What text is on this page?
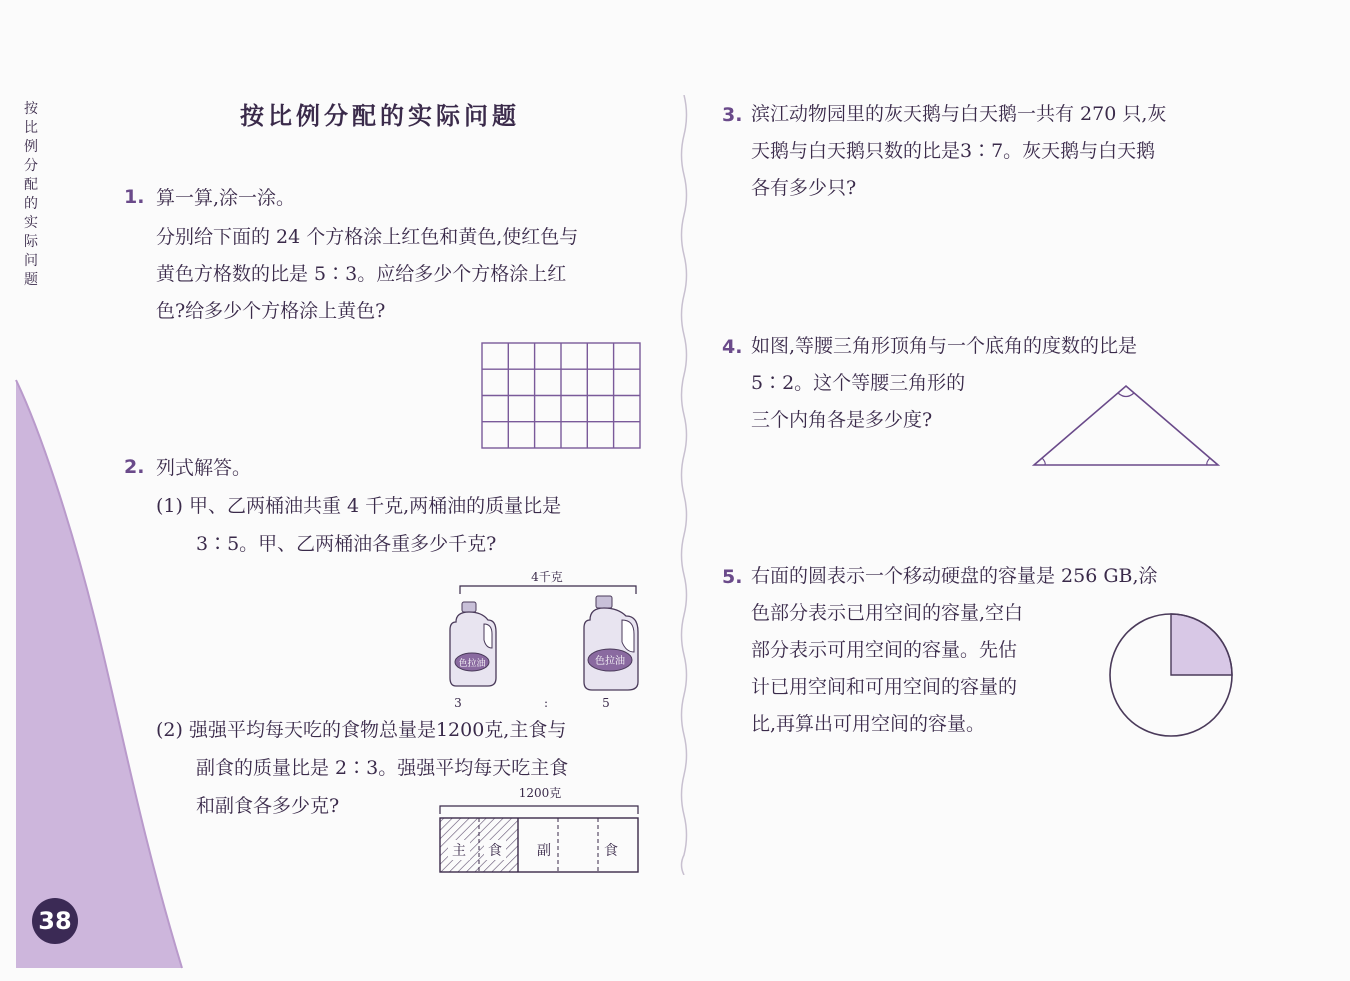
按
比
例
分
配
的
实
际
问
题
38
按比例分配的实际问题
1. 算一算,涂一涂。
分别给下面的 24 个方格涂上红色和黄色,使红色与
黄色方格数的比是 5∶3。应给多少个方格涂上红
色?给多少个方格涂上黄色?
2. 列式解答。
(1) 甲、乙两桶油共重 4 千克,两桶油的质量比是
3∶5。甲、乙两桶油各重多少千克?
4千克
色拉油	色拉油
3	:	5
(2) 强强平均每天吃的食物总量是1200克,主食与
副食的质量比是 2∶3。强强平均每天吃主食
和副食各多少克?
1200克
主 食	副	食
3. 滨江动物园里的灰天鹅与白天鹅一共有 270 只,灰
天鹅与白天鹅只数的比是3∶7。灰天鹅与白天鹅
各有多少只?
4. 如图,等腰三角形顶角与一个底角的度数的比是
5∶2。这个等腰三角形的
三个内角各是多少度?
5. 右面的圆表示一个移动硬盘的容量是 256 GB,涂
色部分表示已用空间的容量,空白
部分表示可用空间的容量。先估
计已用空间和可用空间的容量的
比,再算出可用空间的容量。
